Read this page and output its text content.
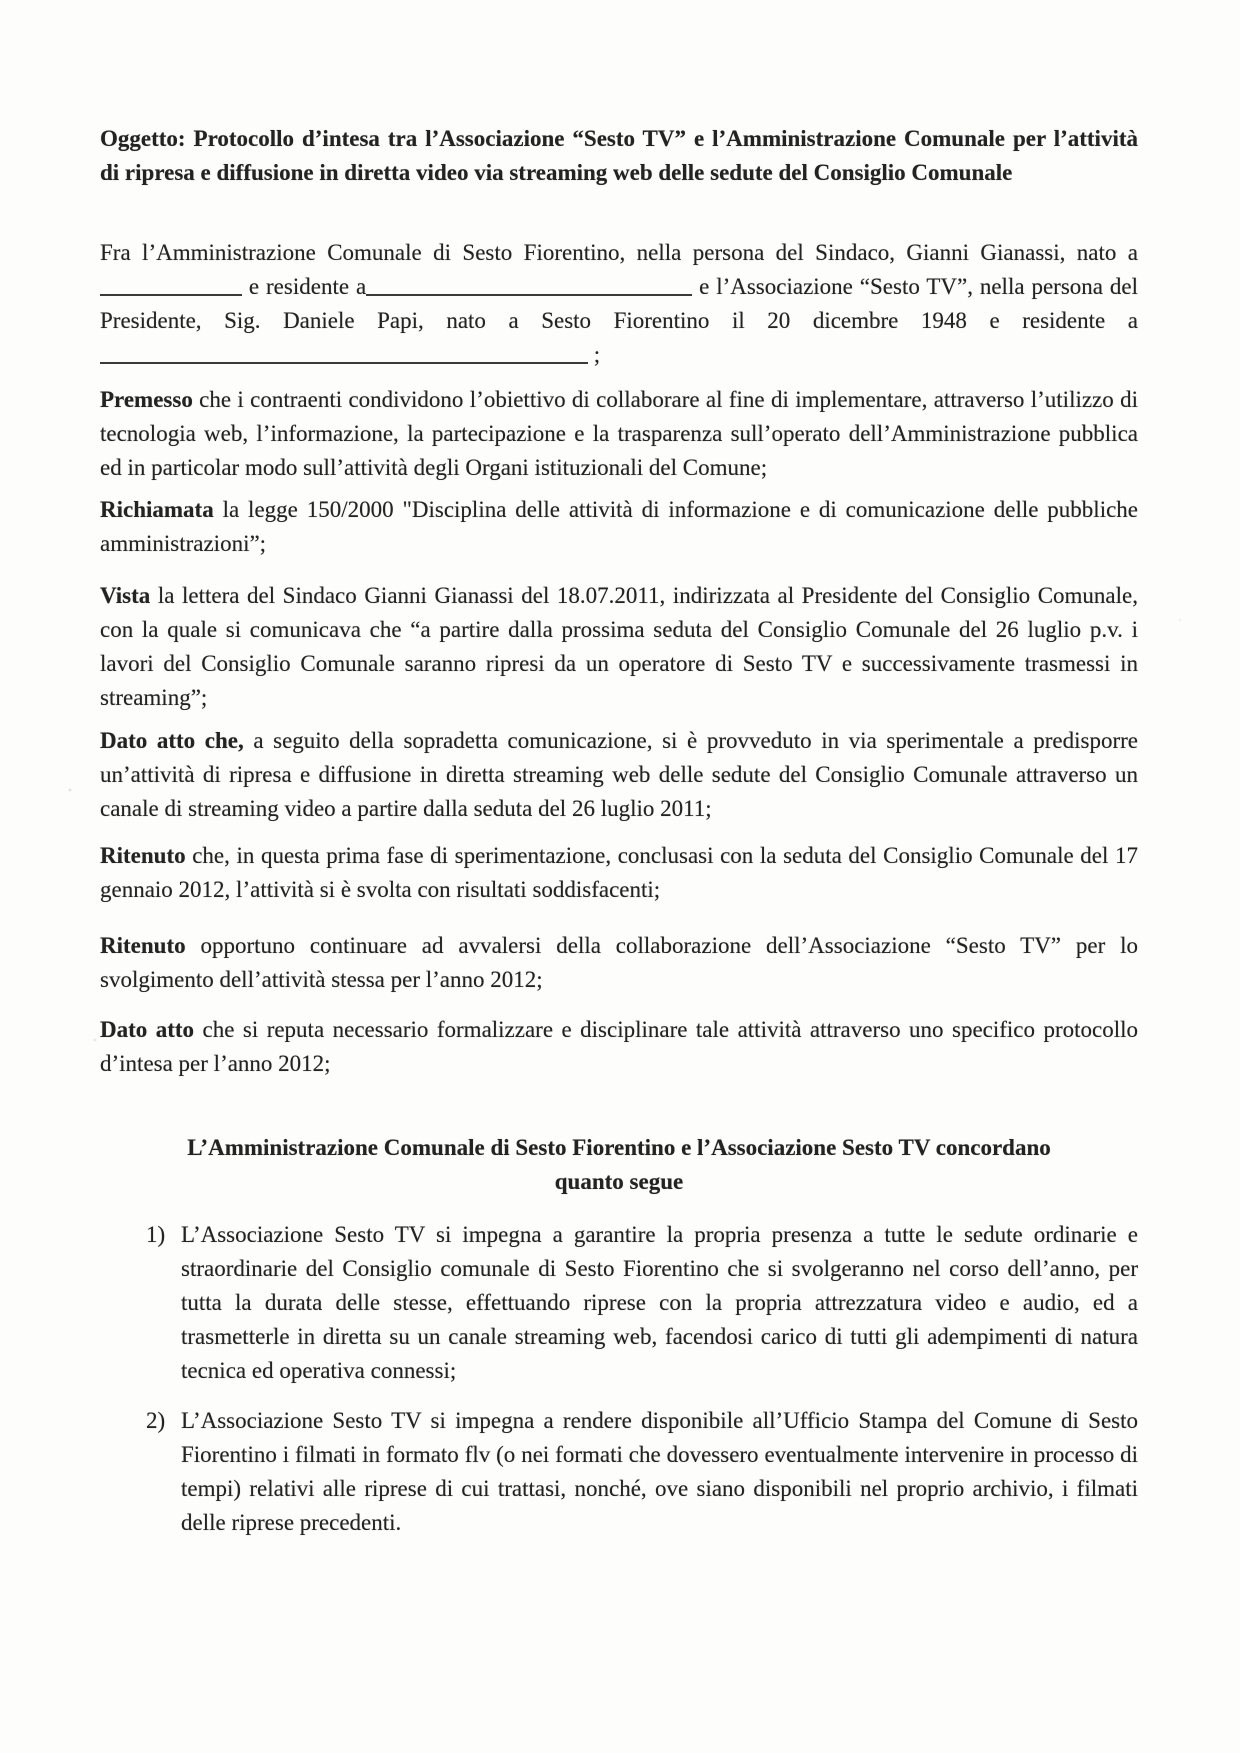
Oggetto: Protocollo d’intesa tra l’Associazione “Sesto TV” e l’Amministrazione Comunale per l’attività di ripresa e diffusione in diretta video via streaming web delle sedute del Consiglio Comunale

Fra l’Amministrazione Comunale di Sesto Fiorentino, nella persona del Sindaco, Gianni Gianassi, nato a e residente a	e l’Associazione “Sesto TV”, nella persona del Presidente, Sig. Daniele Papi, nato a Sesto Fiorentino il 20 dicembre 1948 e residente a ;

Premesso che i contraenti condividono l’obiettivo di collaborare al fine di implementare, attraverso l’utilizzo di tecnologia web, l’informazione, la partecipazione e la trasparenza sull’operato dell’Amministrazione pubblica ed in particolar modo sull’attività degli Organi istituzionali del Comune;

Richiamata la legge 150/2000 "Disciplina delle attività di informazione e di comunicazione delle pubbliche amministrazioni”;

Vista la lettera del Sindaco Gianni Gianassi del 18.07.2011, indirizzata al Presidente del Consiglio Comunale, con la quale si comunicava che “a partire dalla prossima seduta del Consiglio Comunale del 26 luglio p.v. i lavori del Consiglio Comunale saranno ripresi da un operatore di Sesto TV e successivamente trasmessi in streaming”;

Dato atto che, a seguito della sopradetta comunicazione, si è provveduto in via sperimentale a predisporre un’attività di ripresa e diffusione in diretta streaming web delle sedute del Consiglio Comunale attraverso un canale di streaming video a partire dalla seduta del 26 luglio 2011;

Ritenuto che, in questa prima fase di sperimentazione, conclusasi con la seduta del Consiglio Comunale del 17 gennaio 2012, l’attività si è svolta con risultati soddisfacenti;

Ritenuto opportuno continuare ad avvalersi della collaborazione dell’Associazione “Sesto TV” per lo svolgimento dell’attività stessa per l’anno 2012;

Dato atto che si reputa necessario formalizzare e disciplinare tale attività attraverso uno specifico protocollo d’intesa per l’anno 2012;

L’Amministrazione Comunale di Sesto Fiorentino e l’Associazione Sesto TV concordano
quanto segue
1) L’Associazione Sesto TV si impegna a garantire la propria presenza a tutte le sedute ordinarie e straordinarie del Consiglio comunale di Sesto Fiorentino che si svolgeranno nel corso dell’anno, per tutta la durata delle stesse, effettuando riprese con la propria attrezzatura video e audio, ed a trasmetterle in diretta su un canale streaming web, facendosi carico di tutti gli adempimenti di natura tecnica ed operativa connessi;
2) L’Associazione Sesto TV si impegna a rendere disponibile all’Ufficio Stampa del Comune di Sesto Fiorentino i filmati in formato flv (o nei formati che dovessero eventualmente intervenire in processo di tempi) relativi alle riprese di cui trattasi, nonché, ove siano disponibili nel proprio archivio, i filmati delle riprese precedenti.
